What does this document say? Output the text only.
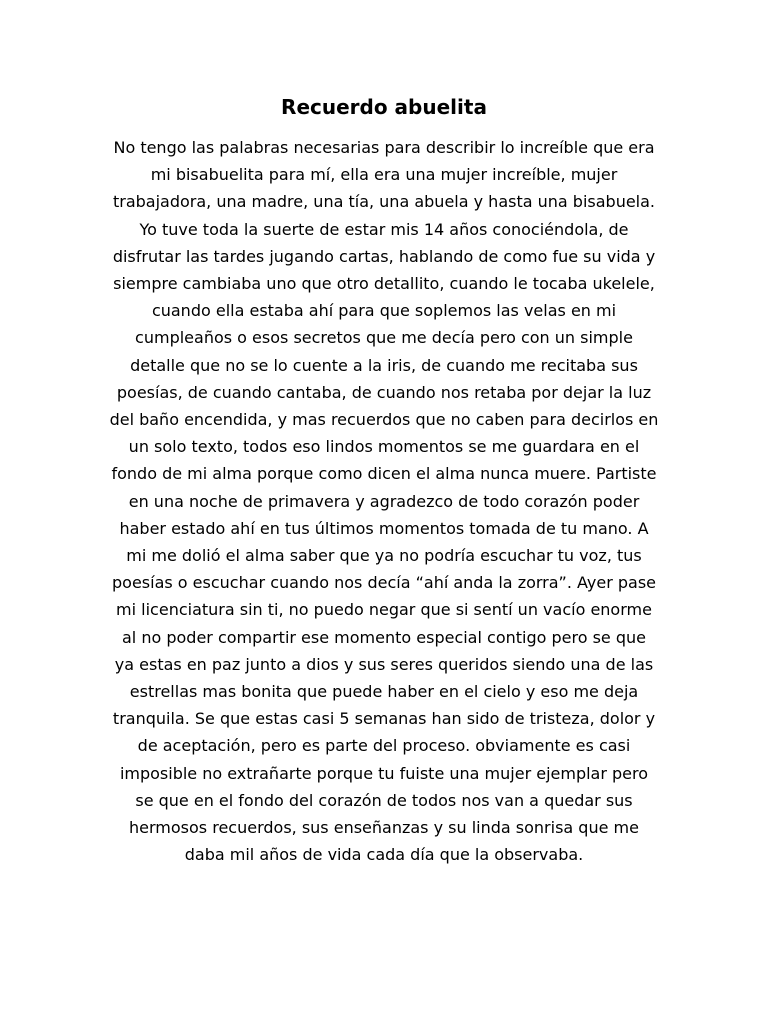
Recuerdo abuelita
No tengo las palabras necesarias para describir lo increíble que era
mi bisabuelita para mí, ella era una mujer increíble, mujer
trabajadora, una madre, una tía, una abuela y hasta una bisabuela.
Yo tuve toda la suerte de estar mis 14 años conociéndola, de
disfrutar las tardes jugando cartas, hablando de como fue su vida y
siempre cambiaba uno que otro detallito, cuando le tocaba ukelele,
cuando ella estaba ahí para que soplemos las velas en mi
cumpleaños o esos secretos que me decía pero con un simple
detalle que no se lo cuente a la iris, de cuando me recitaba sus
poesías, de cuando cantaba, de cuando nos retaba por dejar la luz
del baño encendida, y mas recuerdos que no caben para decirlos en
un solo texto, todos eso lindos momentos se me guardara en el
fondo de mi alma porque como dicen el alma nunca muere. Partiste
en una noche de primavera y agradezco de todo corazón poder
haber estado ahí en tus últimos momentos tomada de tu mano. A
mi me dolió el alma saber que ya no podría escuchar tu voz, tus
poesías o escuchar cuando nos decía “ahí anda la zorra”. Ayer pase
mi licenciatura sin ti, no puedo negar que si sentí un vacío enorme
al no poder compartir ese momento especial contigo pero se que
ya estas en paz junto a dios y sus seres queridos siendo una de las
estrellas mas bonita que puede haber en el cielo y eso me deja
tranquila. Se que estas casi 5 semanas han sido de tristeza, dolor y
de aceptación, pero es parte del proceso. obviamente es casi
imposible no extrañarte porque tu fuiste una mujer ejemplar pero
se que en el fondo del corazón de todos nos van a quedar sus
hermosos recuerdos, sus enseñanzas y su linda sonrisa que me
daba mil años de vida cada día que la observaba.
